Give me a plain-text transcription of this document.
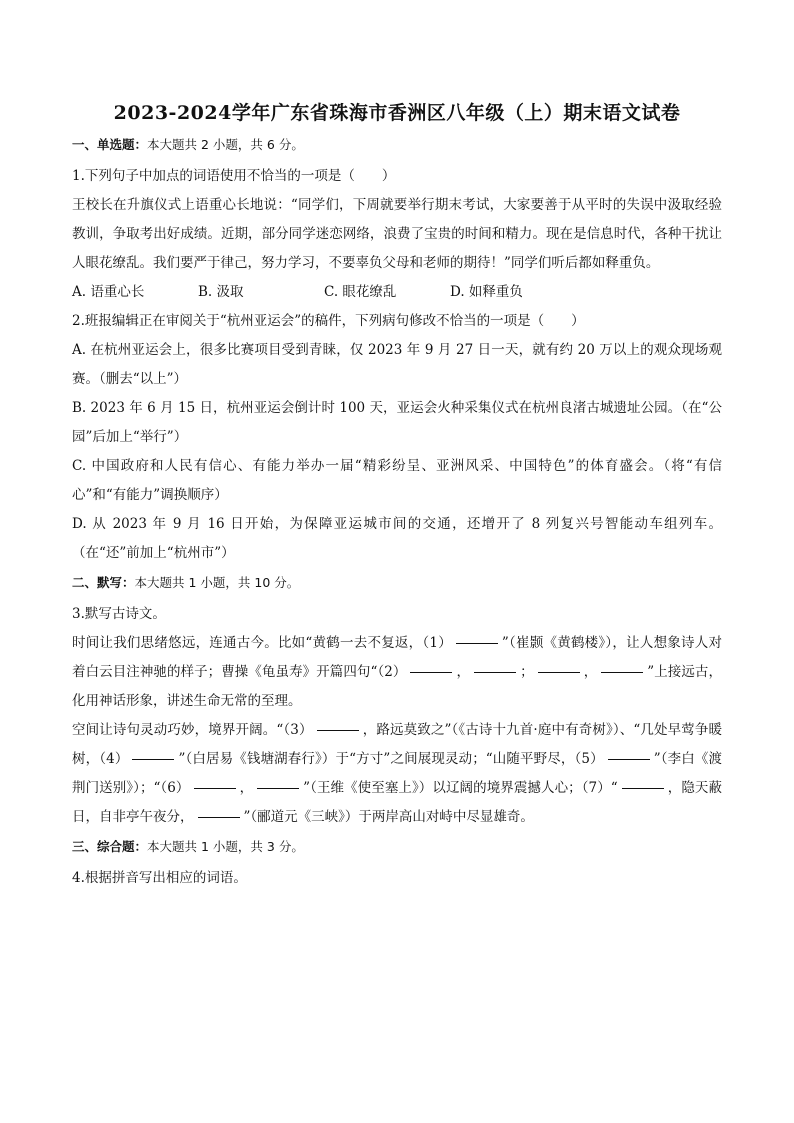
2023-2024学年广东省珠海市香洲区八年级（上）期末语文试卷
一、单选题：本大题共 2 小题，共 6 分。

1.下列句子中加点的词语使用不恰当的一项是（　　）

王校长在升旗仪式上语重心长地说：“同学们，下周就要举行期末考试，大家要善于从平时的失误中汲取经验教训，争取考出好成绩。近期，部分同学迷恋网络，浪费了宝贵的时间和精力。现在是信息时代，各种干扰让人眼花缭乱。我们要严于律己，努力学习，不要辜负父母和老师的期待！”同学们听后都如释重负。

A. 语重心长	B. 汲取	C. 眼花缭乱	D. 如释重负

2.班报编辑正在审阅关于“杭州亚运会”的稿件，下列病句修改不恰当的一项是（　　）

A. 在杭州亚运会上，很多比赛项目受到青睐，仅 2023 年 9 月 27 日一天，就有约 20 万以上的观众现场观赛。（删去“以上”）

B. 2023 年 6 月 15 日，杭州亚运会倒计时 100 天，亚运会火种采集仪式在杭州良渚古城遗址公园。（在“公园”后加上“举行”）

C. 中国政府和人民有信心、有能力举办一届“精彩纷呈、亚洲风采、中国特色”的体育盛会。（将“有信心”和“有能力”调换顺序）

D. 从 2023 年 9 月 16 日开始，为保障亚运城市间的交通，还增开了 8 列复兴号智能动车组列车。（在“还”前加上“杭州市”）

二、默写：本大题共 1 小题，共 10 分。

3.默写古诗文。

时间让我们思绪悠远，连通古今。比如“黄鹤一去不复返，（1）	”（崔颢《黄鹤楼》），让人想象诗人对着白云目注神驰的样子；曹操《龟虽寿》开篇四句“（2）	，	；	，	”上接远古，化用神话形象，讲述生命无常的至理。

空间让诗句灵动巧妙，境界开阔。“（3）	，路远莫致之”（《古诗十九首·庭中有奇树》）、“几处早莺争暖树，（4）	”（白居易《钱塘湖春行》）于“方寸”之间展现灵动；“山随平野尽，（5）	”（李白《渡荆门送别》）；“（6）	，	”（王维《使至塞上》）以辽阔的境界震撼人心；（7）“	，隐天蔽日，自非亭午夜分，	”（郦道元《三峡》）于两岸高山对峙中尽显雄奇。

三、综合题：本大题共 1 小题，共 3 分。

4.根据拼音写出相应的词语。
